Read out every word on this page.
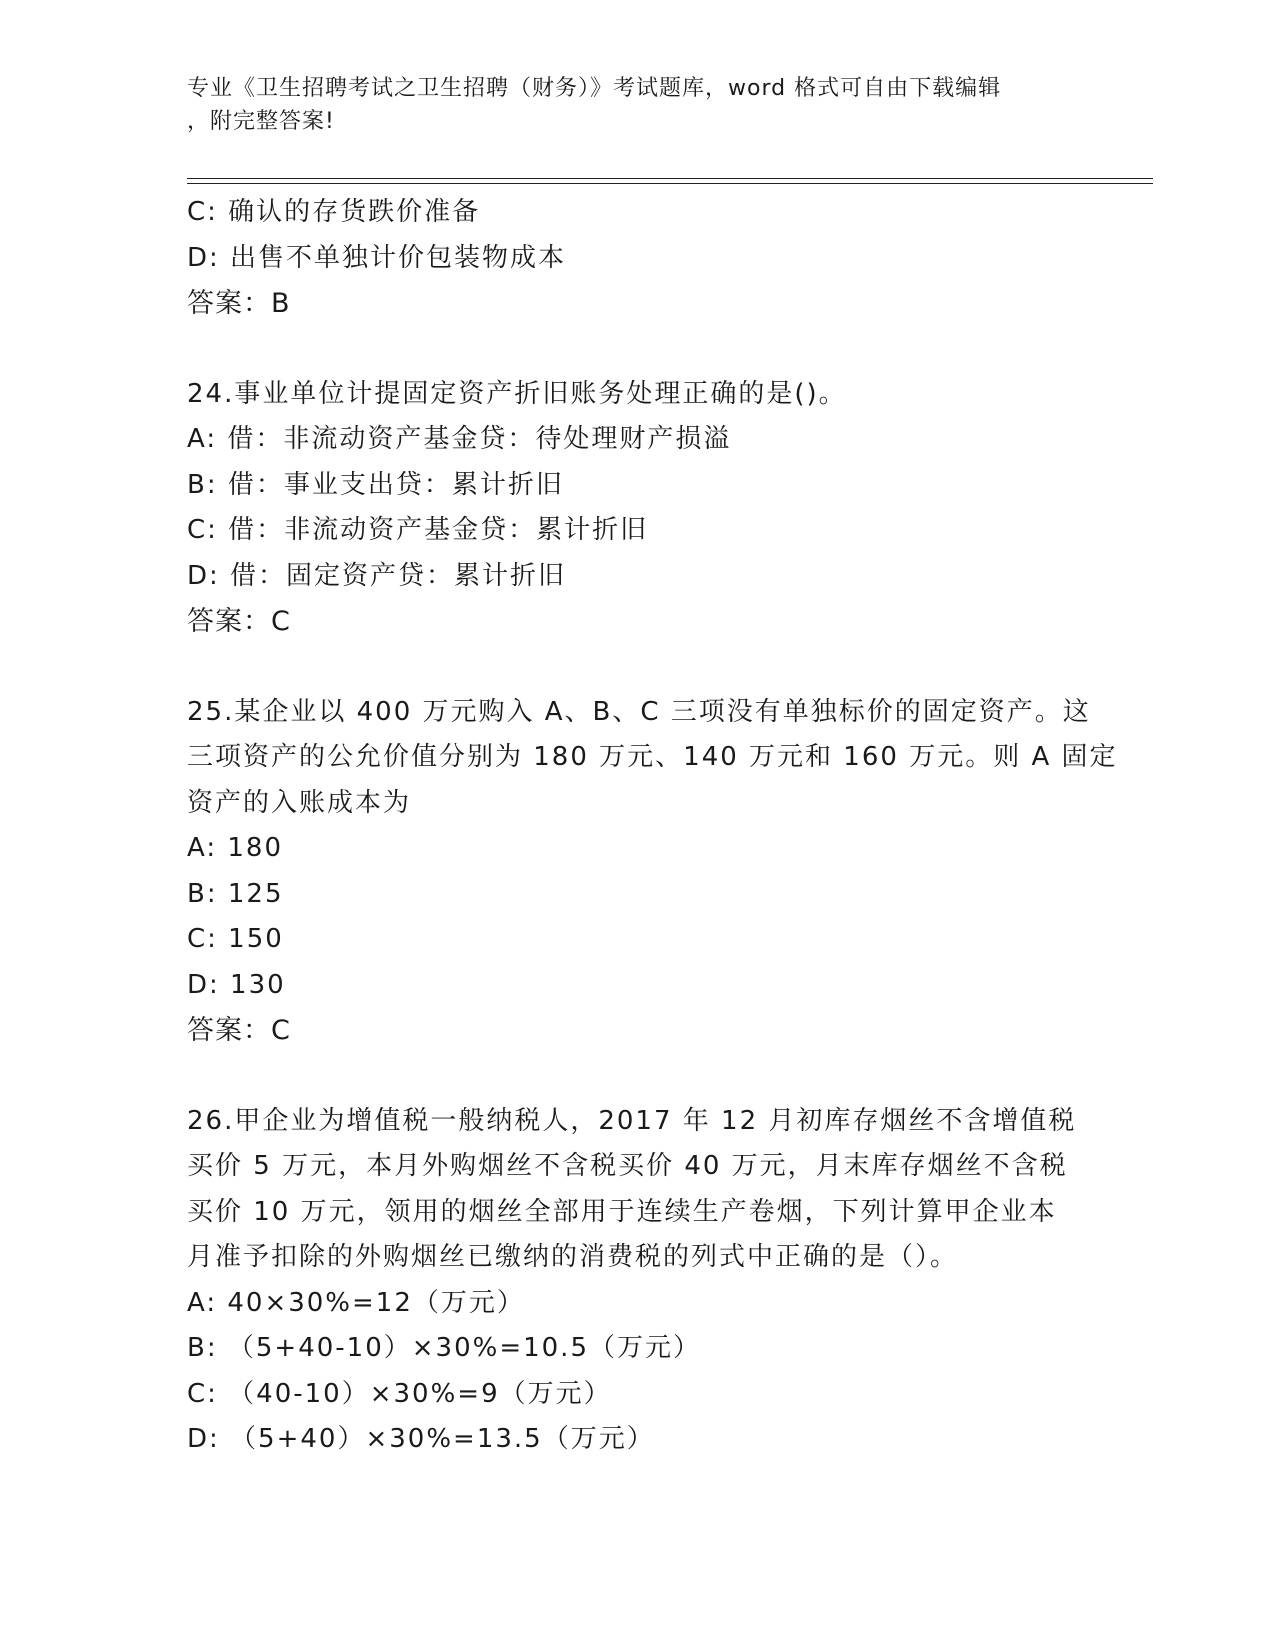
专业《卫生招聘考试之卫生招聘（财务）》考试题库，word 格式可自由下载编辑
，附完整答案!
C: 确认的存货跌价准备
D: 出售不单独计价包装物成本
答案：B
24.事业单位计提固定资产折旧账务处理正确的是()。
A: 借：非流动资产基金贷：待处理财产损溢
B: 借：事业支出贷：累计折旧
C: 借：非流动资产基金贷：累计折旧
D: 借：固定资产贷：累计折旧
答案：C
25.某企业以 400 万元购入 A、B、C 三项没有单独标价的固定资产。这
三项资产的公允价值分别为 180 万元、140 万元和 160 万元。则 A 固定
资产的入账成本为
A: 180
B: 125
C: 150
D: 130
答案：C
26.甲企业为增值税一般纳税人，2017 年 12 月初库存烟丝不含增值税
买价 5 万元，本月外购烟丝不含税买价 40 万元，月末库存烟丝不含税
买价 10 万元，领用的烟丝全部用于连续生产卷烟，下列计算甲企业本
月准予扣除的外购烟丝已缴纳的消费税的列式中正确的是（）。
A: 40×30%=12（万元）
B: （5+40-10）×30%=10.5（万元）
C: （40-10）×30%=9（万元）
D: （5+40）×30%=13.5（万元）
